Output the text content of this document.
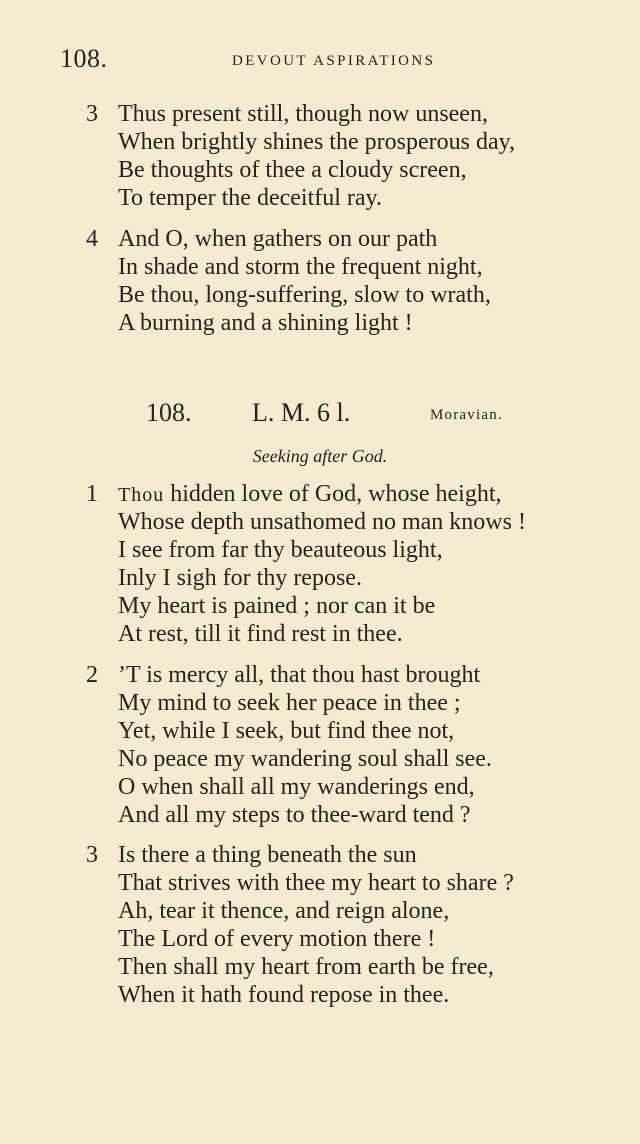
108.	DEVOUT ASPIRATIONS
3 Thus present still, though now unseen,
When brightly shines the prosperous day,
Be thoughts of thee a cloudy screen,
To temper the deceitful ray.
4 And O, when gathers on our path
In shade and storm the frequent night,
Be thou, long-suffering, slow to wrath,
A burning and a shining light !
108. L. M. 6 l.	Moravian.
Seeking after God.
1 Thou hidden love of God, whose height,
Whose depth unsathomed no man knows !
I see from far thy beauteous light,
Inly I sigh for thy repose.
My heart is pained ; nor can it be
At rest, till it find rest in thee.
2 ’T is mercy all, that thou hast brought
My mind to seek her peace in thee ;
Yet, while I seek, but find thee not,
No peace my wandering soul shall see.
O when shall all my wanderings end,
And all my steps to thee-ward tend ?
3 Is there a thing beneath the sun
That strives with thee my heart to share ?
Ah, tear it thence, and reign alone,
The Lord of every motion there !
Then shall my heart from earth be free,
When it hath found repose in thee.
